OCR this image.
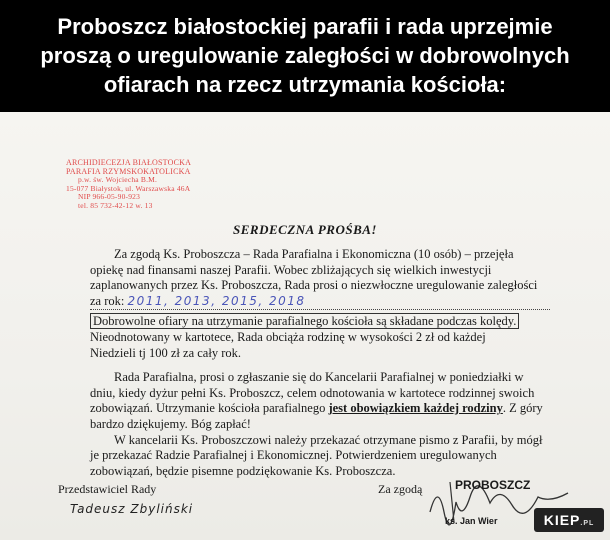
Proboszcz białostockiej parafii i rada uprzejmie
proszą o uregulowanie zaległości w dobrowolnych
ofiarach na rzecz utrzymania kościoła:
ARCHIDIECEZJA BIAŁOSTOCKA
PARAFIA RZYMSKOKATOLICKA
p.w. św. Wojciecha B.M.
15-077 Białystok, ul. Warszawska 46A
NIP 966-05-90-923
tel. 85 732-42-12 w. 13
SERDECZNA PROŚBA!
Za zgodą Ks. Proboszcza – Rada Parafialna i Ekonomiczna (10 osób) – przejęła
opiekę nad finansami naszej Parafii. Wobec zbliżających się wielkich inwestycji
zaplanowanych przez Ks. Proboszcza, Rada prosi o niezwłoczne uregulowanie zaległości
za rok: 2011, 2013, 2015, 2018
Dobrowolne ofiary na utrzymanie parafialnego kościoła są składane podczas kolędy.
Nieodnotowany w kartotece, Rada obciąża rodzinę w wysokości 2 zł od każdej
Niedzieli tj 100 zł za cały rok.
Rada Parafialna, prosi o zgłaszanie się do Kancelarii Parafialnej w poniedziałki w
dniu, kiedy dyżur pełni Ks. Proboszcz, celem odnotowania w kartotece rodzinnej swoich
zobowiązań. Utrzymanie kościoła parafialnego jest obowiązkiem każdej rodziny. Z góry
bardzo dziękujemy. Bóg zapłać!
W kancelarii Ks. Proboszczowi należy przekazać otrzymane pismo z Parafii, by mógł
je przekazać Radzie Parafialnej i Ekonomicznej. Potwierdzeniem uregulowanych
zobowiązań, będzie pisemne podziękowanie Ks. Proboszcza.
Przedstawiciel Rady
Tadeusz Zbyliński
Za zgodą	PROBOSZCZ
ks. Jan Wier	KIEP.PL
